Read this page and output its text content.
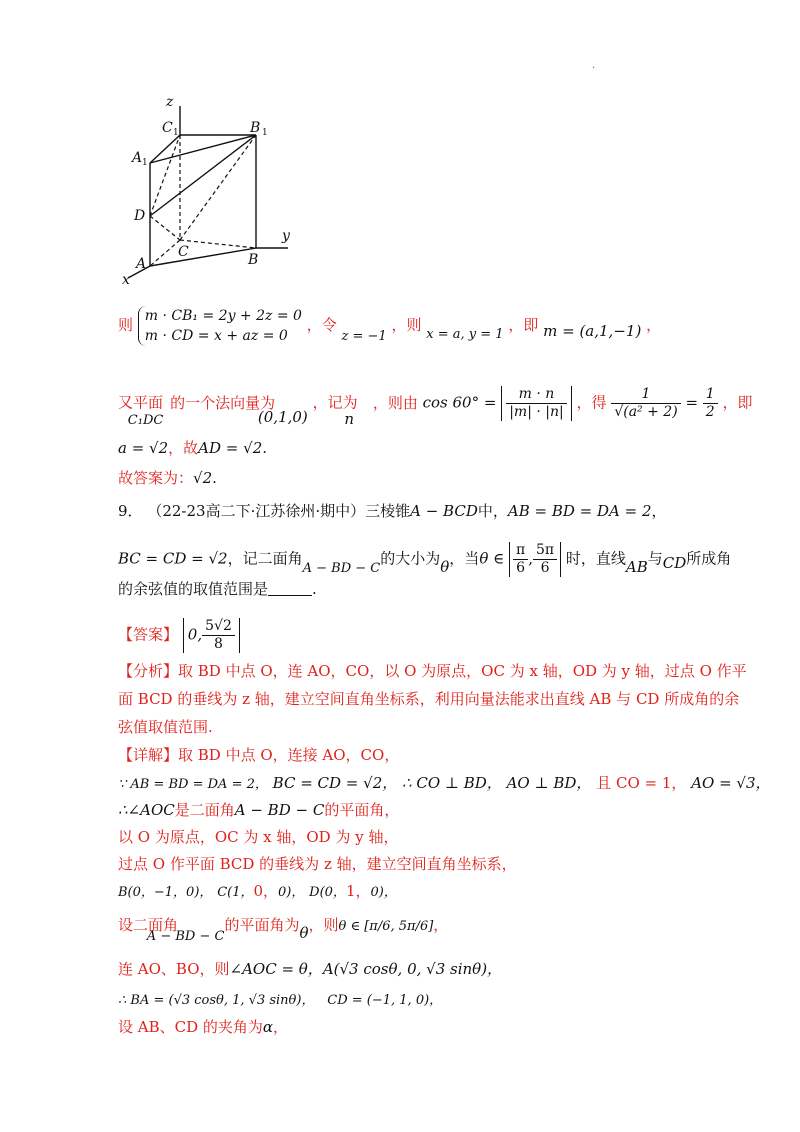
.
z
C 1	B 1
A 1
D
C
y
A	B
x
则 m · CB₁ = 2y + 2z = 0
m · CD = x + az = 0
，令 z = −1 ，则 x = a, y = 1 ，即 m = (a,1,−1) ，
又平面 C₁DC 的一个法向量为 (0,1,0) ，记为 n ，则由 $\cos 60^\circ = \frac{m \cdot n}{|m| \cdot |n|}$ ，得 $\frac{1}{\text{√(a² + 2)}} = \frac{1}{2}$ ，即
a = √2，故AD = √2.
故答案为：√2.
9． （22-23高二下·江苏徐州·期中）三棱锥A − BCD中，AB = BD = DA = 2，
BC = CD = √2，记二面角A − BD − C的大小为θ，当θ ∈ $\frac{\pi}{6}$ , $\frac{5\pi}{6}$ 时，直线AB与CD所成角
的余弦值的取值范围是	.
【答案】 0, $\frac{5√2}{8}$
【分析】取 BD 中点 O，连 AO，CO，以 O 为原点，OC 为 x 轴，OD 为 y 轴，过点 O 作平
面 BCD 的垂线为 z 轴，建立空间直角坐标系，利用向量法能求出直线 AB 与 CD 所成角的余
弦值取值范围.
【详解】取 BD 中点 O，连接 AO，CO，
∵ AB = BD = DA = 2， BC = CD = √2， ∴ CO ⊥ BD， AO ⊥ BD， 且 CO = 1， AO = √3，
∴∠AOC是二面角A − BD − C的平面角，
以 O 为原点，OC 为 x 轴，OD 为 y 轴，
过点 O 作平面 BCD 的垂线为 z 轴，建立空间直角坐标系，
B(0，−1，0)， C(1，0，0)， D(0，1，0)，
设二面角 A − BD − C的平面角为θ，则θ ∈ [π/6, 5π/6]，
连 AO、BO，则∠AOC = θ，A(√3 cosθ, 0, √3 sinθ)，
∴ BA = (√3 cosθ, 1, √3 sinθ)， CD = (−1, 1, 0)，
设 AB、CD 的夹角为α，
